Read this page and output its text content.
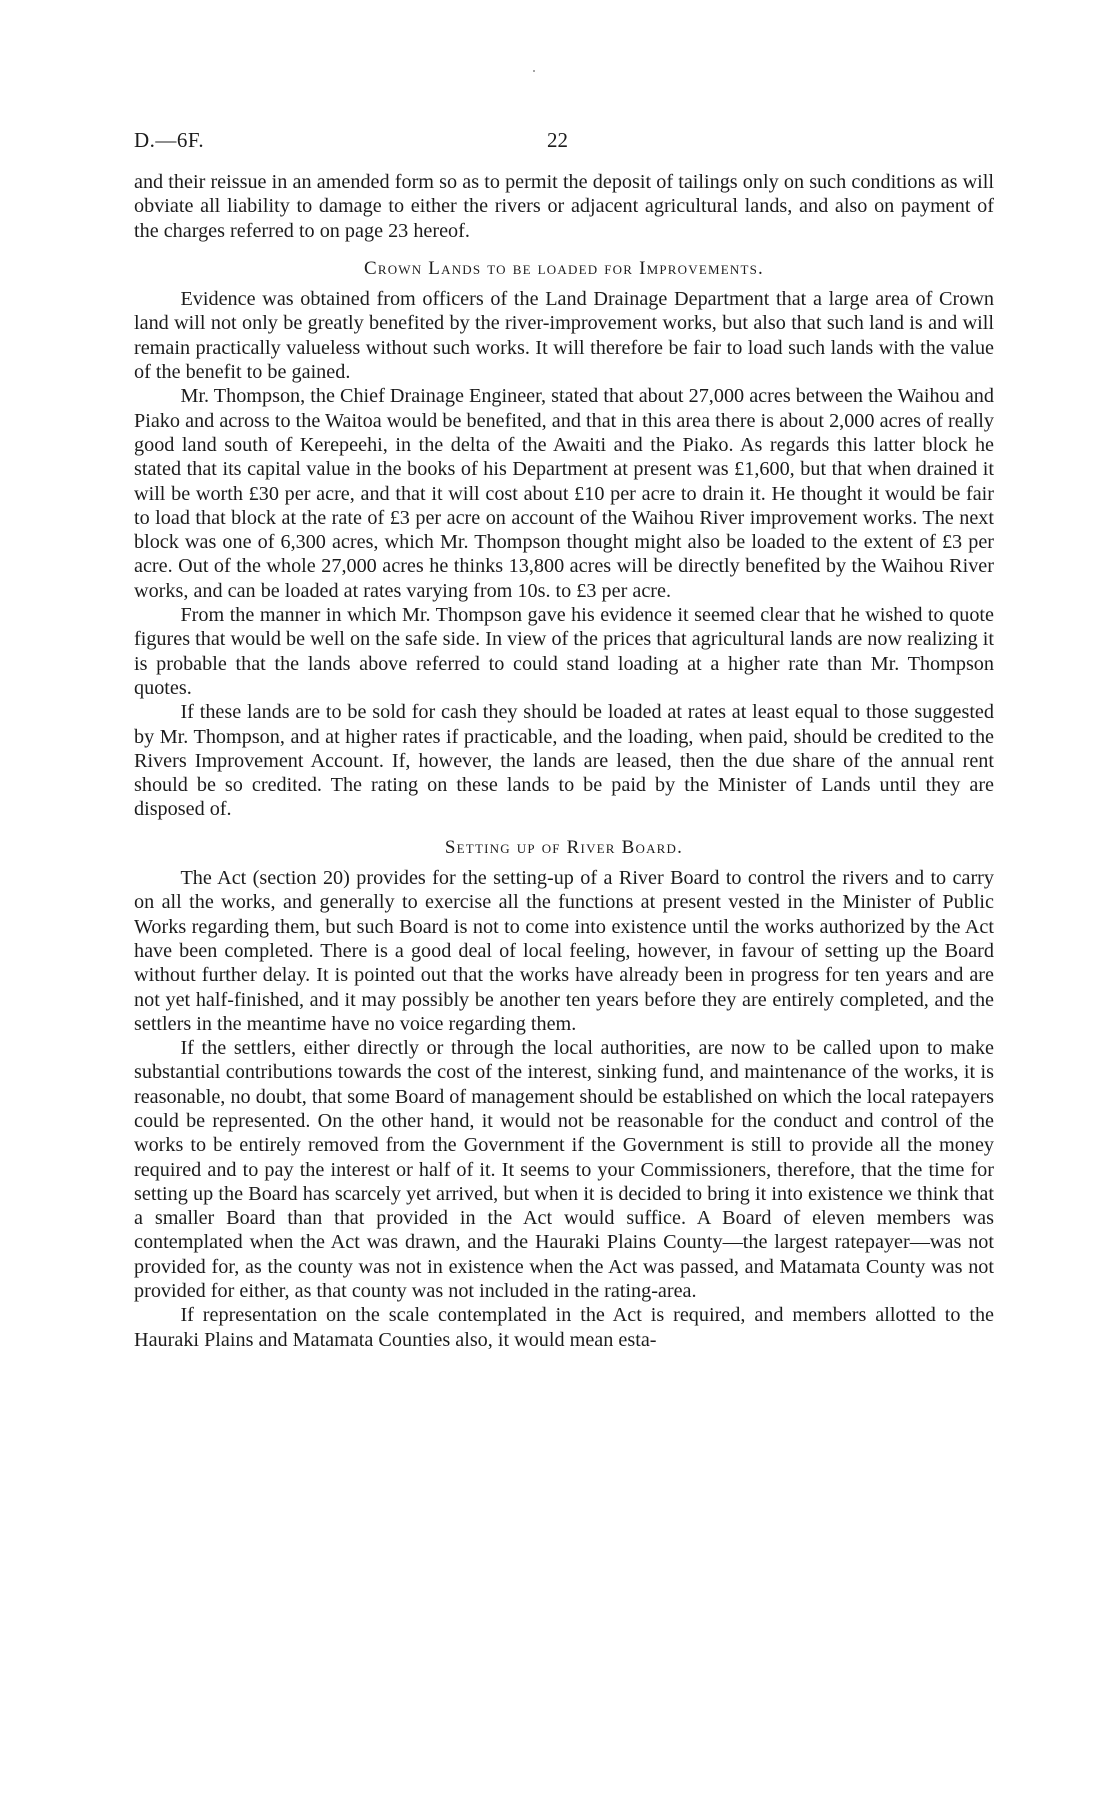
D.—6F.	22

and their reissue in an amended form so as to permit the deposit of tailings only on such conditions as will obviate all liability to damage to either the rivers or adjacent agricultural lands, and also on payment of the charges referred to on page 23 hereof.

Crown Lands to be loaded for Improvements.

Evidence was obtained from officers of the Land Drainage Department that a large area of Crown land will not only be greatly benefited by the river-improvement works, but also that such land is and will remain practically valueless without such works. It will therefore be fair to load such lands with the value of the benefit to be gained.

Mr. Thompson, the Chief Drainage Engineer, stated that about 27,000 acres between the Waihou and Piako and across to the Waitoa would be benefited, and that in this area there is about 2,000 acres of really good land south of Kerepeehi, in the delta of the Awaiti and the Piako. As regards this latter block he stated that its capital value in the books of his Department at present was £1,600, but that when drained it will be worth £30 per acre, and that it will cost about £10 per acre to drain it. He thought it would be fair to load that block at the rate of £3 per acre on account of the Waihou River improvement works. The next block was one of 6,300 acres, which Mr. Thompson thought might also be loaded to the extent of £3 per acre. Out of the whole 27,000 acres he thinks 13,800 acres will be directly benefited by the Waihou River works, and can be loaded at rates varying from 10s. to £3 per acre.

From the manner in which Mr. Thompson gave his evidence it seemed clear that he wished to quote figures that would be well on the safe side. In view of the prices that agricultural lands are now realizing it is probable that the lands above referred to could stand loading at a higher rate than Mr. Thompson quotes.

If these lands are to be sold for cash they should be loaded at rates at least equal to those suggested by Mr. Thompson, and at higher rates if practicable, and the loading, when paid, should be credited to the Rivers Improvement Account. If, however, the lands are leased, then the due share of the annual rent should be so credited. The rating on these lands to be paid by the Minister of Lands until they are disposed of.

Setting up of River Board.

The Act (section 20) provides for the setting-up of a River Board to control the rivers and to carry on all the works, and generally to exercise all the functions at present vested in the Minister of Public Works regarding them, but such Board is not to come into existence until the works authorized by the Act have been completed. There is a good deal of local feeling, however, in favour of setting up the Board without further delay. It is pointed out that the works have already been in progress for ten years and are not yet half-finished, and it may possibly be another ten years before they are entirely completed, and the settlers in the meantime have no voice regarding them.

If the settlers, either directly or through the local authorities, are now to be called upon to make substantial contributions towards the cost of the interest, sinking fund, and maintenance of the works, it is reasonable, no doubt, that some Board of management should be established on which the local ratepayers could be represented. On the other hand, it would not be reasonable for the conduct and control of the works to be entirely removed from the Government if the Government is still to provide all the money required and to pay the interest or half of it. It seems to your Commissioners, therefore, that the time for setting up the Board has scarcely yet arrived, but when it is decided to bring it into existence we think that a smaller Board than that provided in the Act would suffice. A Board of eleven members was contemplated when the Act was drawn, and the Hauraki Plains County—the largest ratepayer—was not provided for, as the county was not in existence when the Act was passed, and Matamata County was not provided for either, as that county was not included in the rating-area.

If representation on the scale contemplated in the Act is required, and members allotted to the Hauraki Plains and Matamata Counties also, it would mean esta-
